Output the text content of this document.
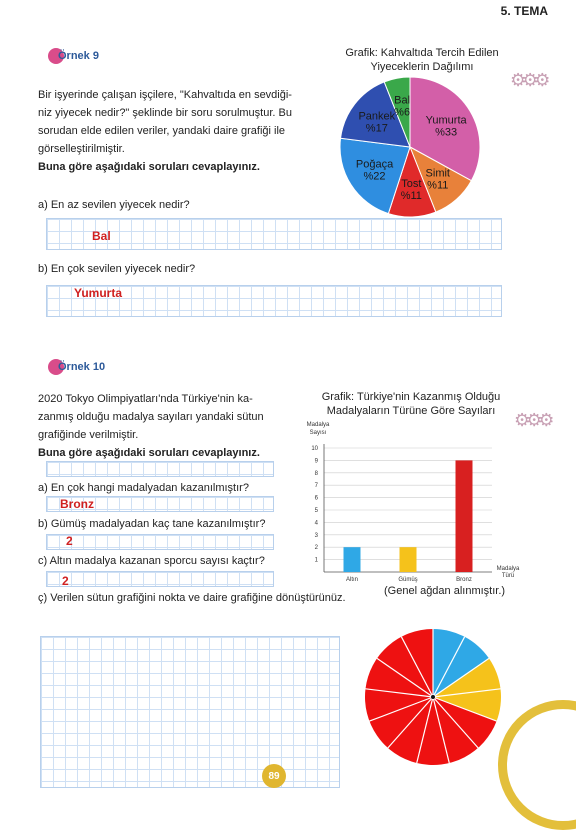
5. TEMA
Örnek 9
Bir işyerinde çalışan işçilere, "Kahvaltıda en sevdiği-
niz yiyecek nedir?" şeklinde bir soru sorulmuştur. Bu
sorudan elde edilen veriler, yandaki daire grafiği ile
görselleştirilmiştir.
Buna göre aşağıdaki soruları cevaplayınız.
Grafik: Kahvaltıda Tercih Edilen
Yiyeceklerin Dağılımı
Yumurta
%33
Simit
%11
Tost
%11
Poğaça
%22
Pankek
%17
Bal
%6
⚙⚙⚙
a) En az sevilen yiyecek nedir?
Bal
b) En çok sevilen yiyecek nedir?
Yumurta
Örnek 10
2020 Tokyo Olimpiyatları'nda Türkiye'nin ka-
zanmış olduğu madalya sayıları yandaki sütun
grafiğinde verilmiştir.
Buna göre aşağıdaki soruları cevaplayınız.
a) En çok hangi madalyadan kazanılmıştır?
Bronz
b) Gümüş madalyadan kaç tane kazanılmıştır?
2
c) Altın madalya kazanan sporcu sayısı kaçtır?
2
ç) Verilen sütun grafiğini nokta ve daire grafiğine dönüştürünüz.
Grafik: Türkiye'nin Kazanmış Olduğu
Madalyaların Türüne Göre Sayıları
Madalya
Sayısı
1
2
3
4
5
6
7
8
9
10
Altın	Gümüş	Bronz
Madalya
Türü
⚙⚙⚙
(Genel ağdan alınmıştır.)
89
